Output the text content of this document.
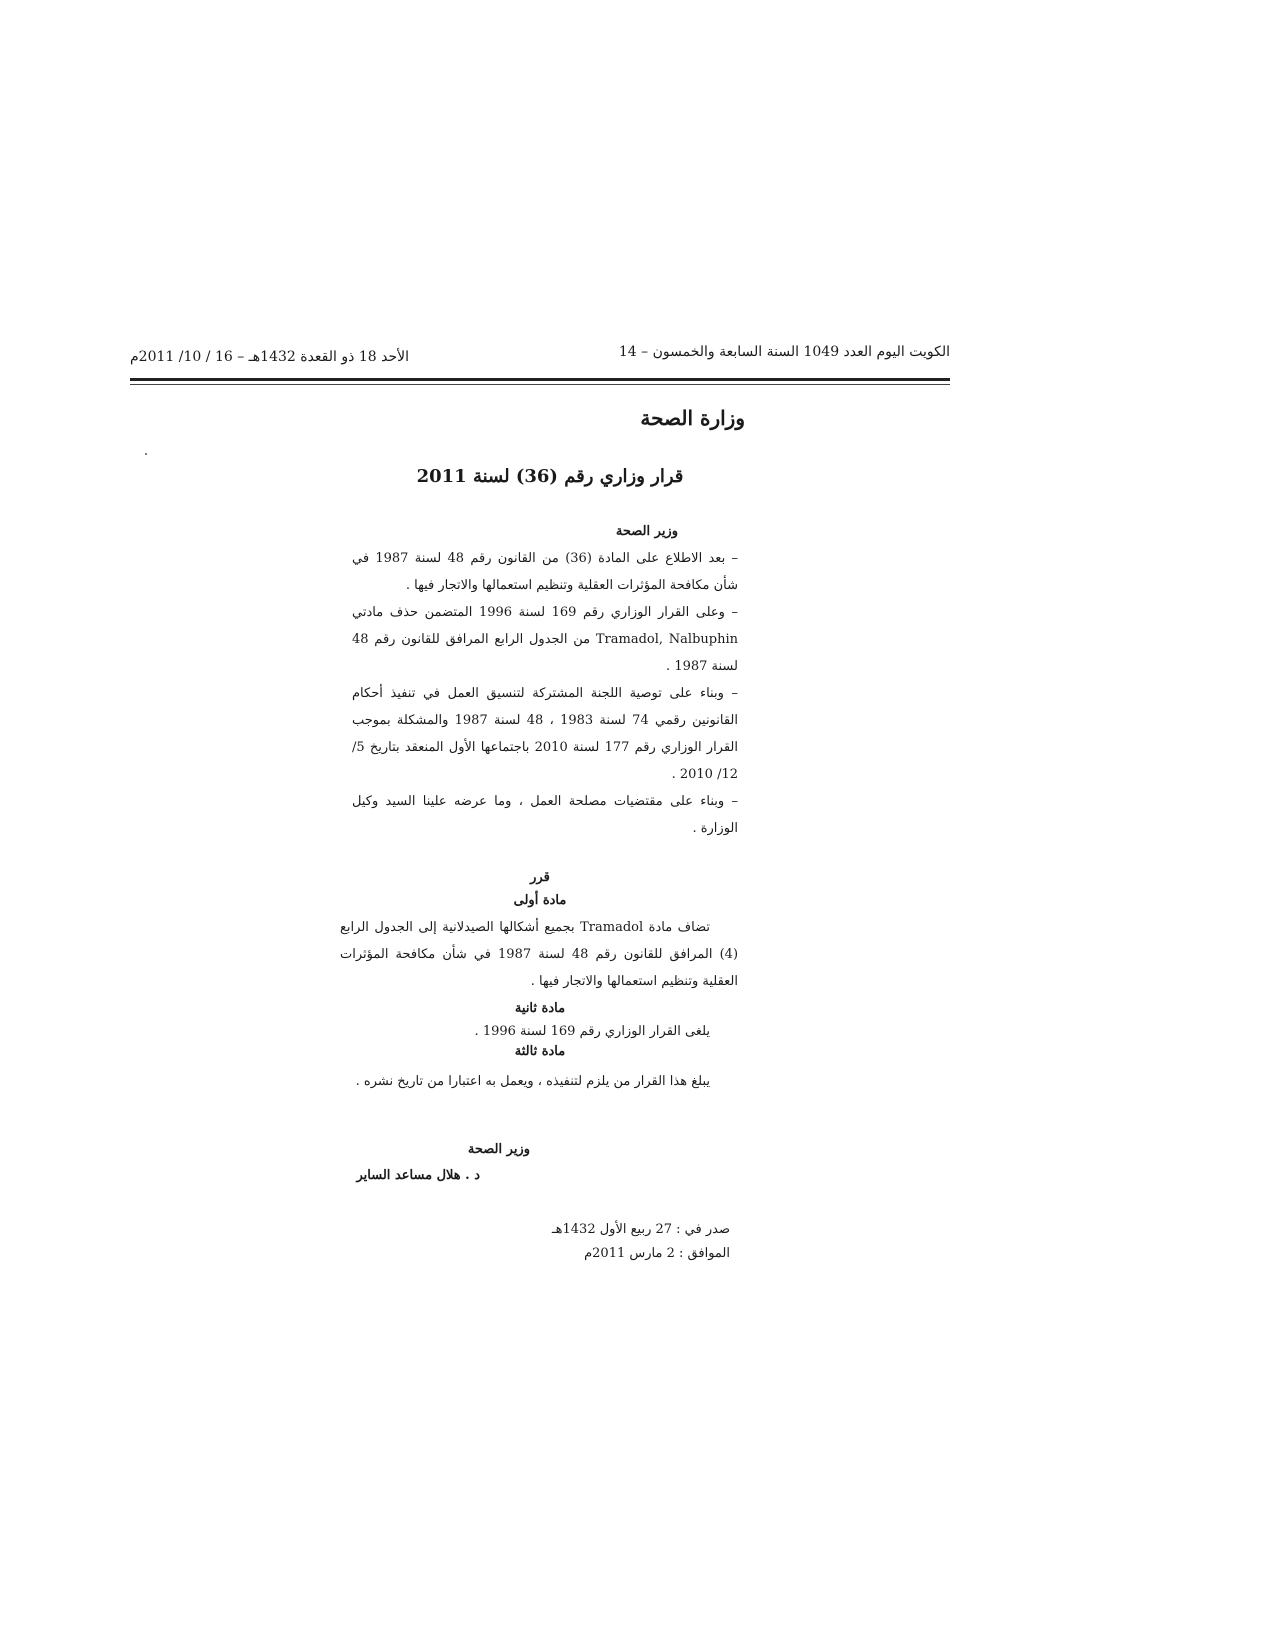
الكويت اليوم العدد 1049 السنة السابعة والخمسون – 14
الأحد 18 ذو القعدة 1432هـ – 16 / 10/ 2011م
وزارة الصحة
قرار وزاري رقم (36) لسنة 2011

وزير الصحة

– بعد الاطلاع على المادة (36) من القانون رقم 48 لسنة 1987 في شأن مكافحة المؤثرات العقلية وتنظيم استعمالها والاتجار فيها .

– وعلى القرار الوزاري رقم 169 لسنة 1996 المتضمن حذف مادتي Tramadol, Nalbuphin من الجدول الرابع المرافق للقانون رقم 48 لسنة 1987 .

– وبناء على توصية اللجنة المشتركة لتنسيق العمل في تنفيذ أحكام القانونين رقمي 74 لسنة 1983 ، 48 لسنة 1987 والمشكلة بموجب القرار الوزاري رقم 177 لسنة 2010 باجتماعها الأول المنعقد بتاريخ 5/ 12/ 2010 .

– وبناء على مقتضيات مصلحة العمل ، وما عرضه علينا السيد وكيل الوزارة .

قرر
مادة أولى

تضاف مادة Tramadol بجميع أشكالها الصيدلانية إلى الجدول الرابع (4) المرافق للقانون رقم 48 لسنة 1987 في شأن مكافحة المؤثرات العقلية وتنظيم استعمالها والاتجار فيها .

مادة ثانية

يلغى القرار الوزاري رقم 169 لسنة 1996 .

مادة ثالثة

يبلغ هذا القرار من يلزم لتنفيذه ، ويعمل به اعتبارا من تاريخ نشره .

وزير الصحة
د . هلال مساعد الساير
صدر في : 27 ربيع الأول 1432هـ
الموافق : 2 مارس 2011م
